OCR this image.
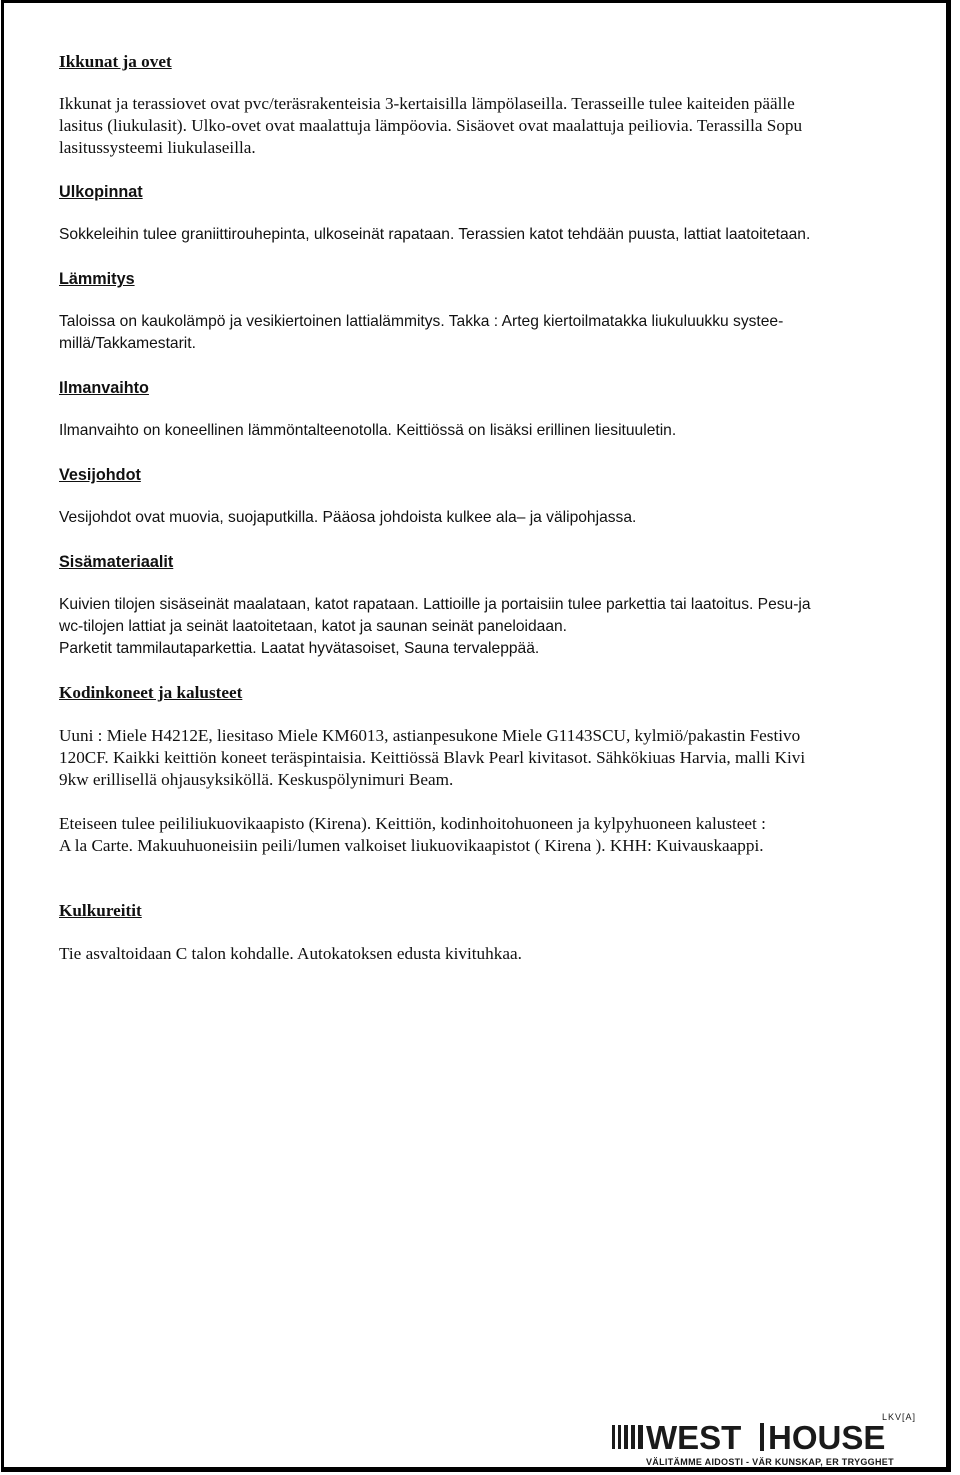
Ikkunat ja ovet

Ikkunat ja terassiovet ovat pvc/teräsrakenteisia 3-kertaisilla lämpölaseilla. Terasseille tulee kaiteiden päälle

lasitus (liukulasit). Ulko-ovet ovat maalattuja lämpöovia. Sisäovet ovat maalattuja peiliovia. Terassilla Sopu

lasitussysteemi liukulaseilla.

Ulkopinnat

Sokkeleihin tulee graniittirouhepinta, ulkoseinät rapataan. Terassien katot tehdään puusta, lattiat laatoitetaan.

Lämmitys

Taloissa on kaukolämpö ja vesikiertoinen lattialämmitys. Takka : Arteg kiertoilmatakka liukuluukku systee-

millä/Takkamestarit.

Ilmanvaihto

Ilmanvaihto on koneellinen lämmöntalteenotolla. Keittiössä on lisäksi erillinen liesituuletin.

Vesijohdot

Vesijohdot ovat muovia, suojaputkilla. Pääosa johdoista kulkee ala– ja välipohjassa.

Sisämateriaalit

Kuivien tilojen sisäseinät maalataan, katot rapataan. Lattioille ja portaisiin tulee parkettia tai laatoitus. Pesu-ja

wc-tilojen lattiat ja seinät laatoitetaan, katot ja saunan seinät paneloidaan.

Parketit tammilautaparkettia. Laatat hyvätasoiset, Sauna tervaleppää.

Kodinkoneet ja kalusteet

Uuni : Miele H4212E, liesitaso Miele KM6013, astianpesukone Miele G1143SCU, kylmiö/pakastin Festivo

120CF. Kaikki keittiön koneet teräspintaisia. Keittiössä Blavk Pearl kivitasot. Sähkökiuas Harvia, malli Kivi

9kw erillisellä ohjausyksiköllä. Keskuspölynimuri Beam.

Eteiseen tulee peililiukuovikaapisto (Kirena). Keittiön, kodinhoitohuoneen ja kylpyhuoneen kalusteet :

A la Carte. Makuuhuoneisiin peili/lumen valkoiset liukuovikaapistot ( Kirena ). KHH: Kuivauskaappi.

Kulkureitit

Tie asvaltoidaan C talon kohdalle. Autokatoksen edusta kivituhkaa.

WEST HOUSE
LKV[A]
VÄLITÄMME AIDOSTI - VÄR KUNSKAP, ER TRYGGHET
